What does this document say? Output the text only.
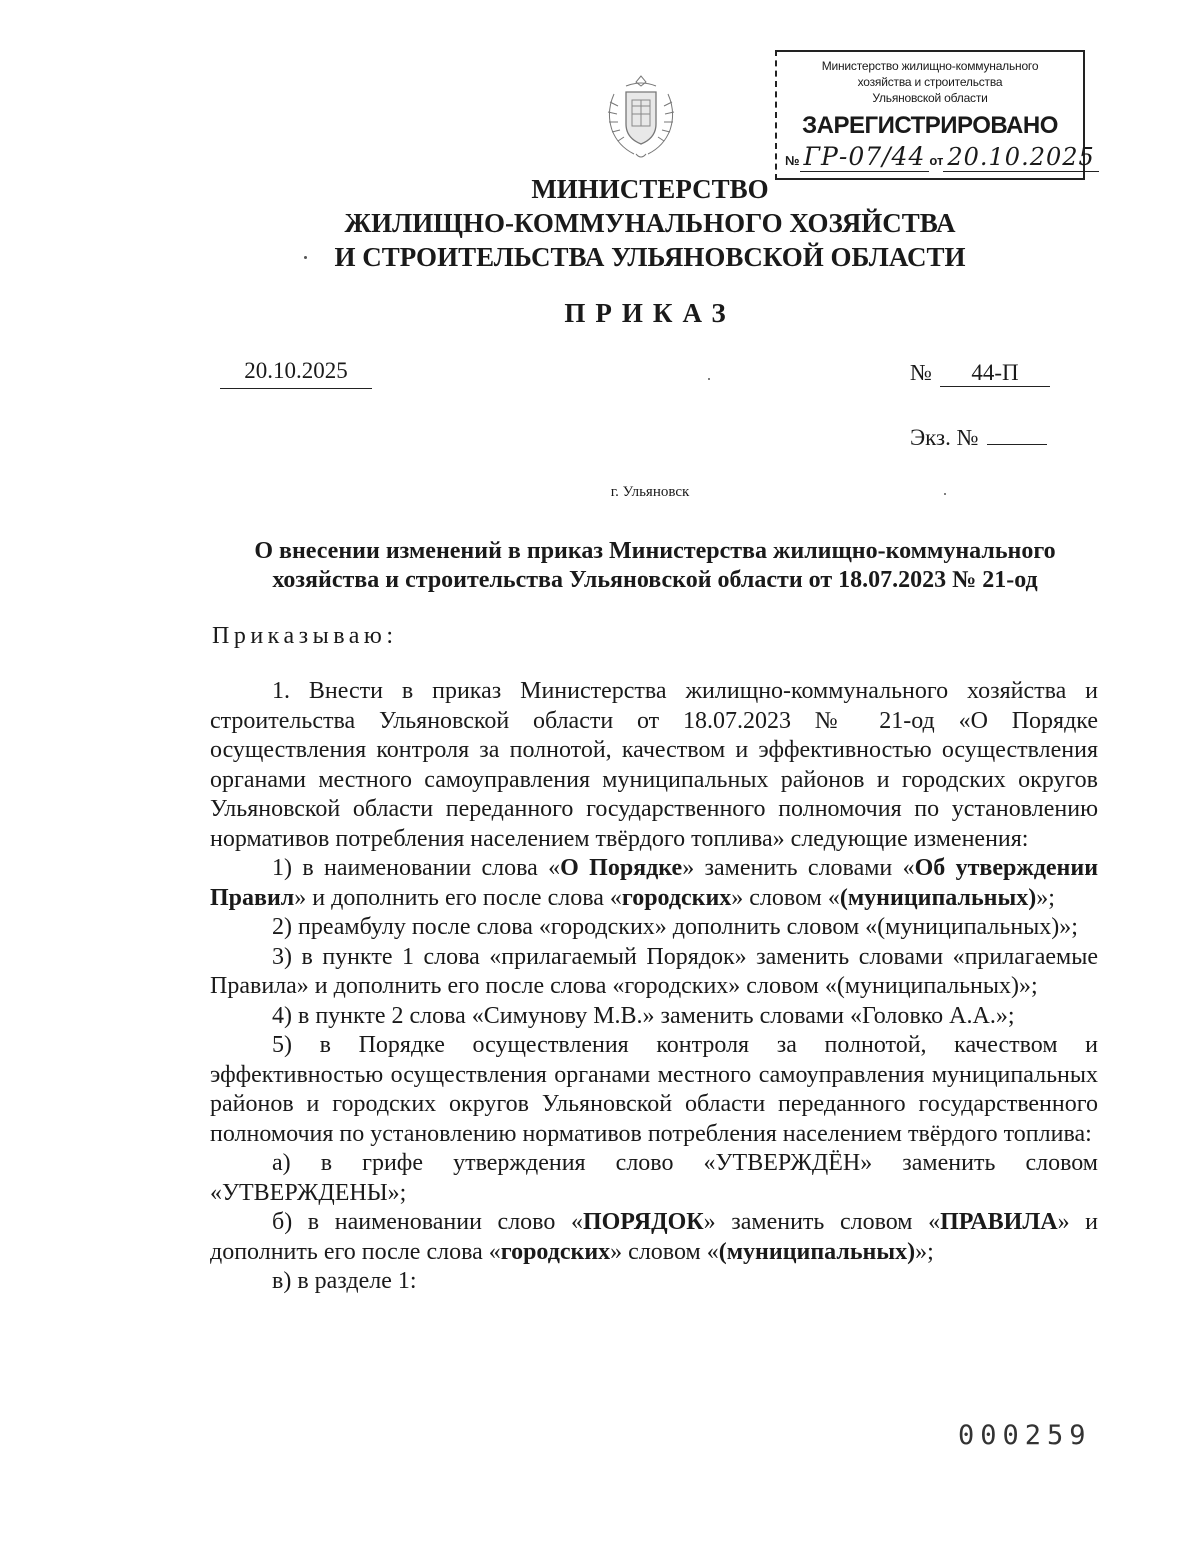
Министерство жилищно-коммунального
хозяйства и строительства
Ульяновской области
ЗАРЕГИСТРИРОВАНО
№ ГР-07/44 от 20.10.2025
МИНИСТЕРСТВО
ЖИЛИЩНО-КОММУНАЛЬНОГО ХОЗЯЙСТВА
И СТРОИТЕЛЬСТВА УЛЬЯНОВСКОЙ ОБЛАСТИ
ПРИКАЗ
20.10.2025	№ 44-П
Экз. №
г. Ульяновск
О внесении изменений в приказ Министерства жилищно-коммунального
хозяйства и строительства Ульяновской области от 18.07.2023 № 21-од
Приказываю:

1. Внести в приказ Министерства жилищно-коммунального хозяйства и строительства Ульяновской области от 18.07.2023 № 21-од «О Порядке осуществления контроля за полнотой, качеством и эффективностью осуществления органами местного самоуправления муниципальных районов и городских округов Ульяновской области переданного государственного полномочия по установлению нормативов потребления населением твёрдого топлива» следующие изменения:

1) в наименовании слова «О Порядке» заменить словами «Об утверждении Правил» и дополнить его после слова «городских» словом «(муниципальных)»;

2) преамбулу после слова «городских» дополнить словом «(муниципальных)»;

3) в пункте 1 слова «прилагаемый Порядок» заменить словами «прилагаемые Правила» и дополнить его после слова «городских» словом «(муниципальных)»;

4) в пункте 2 слова «Симунову М.В.» заменить словами «Головко А.А.»;

5) в Порядке осуществления контроля за полнотой, качеством и эффективностью осуществления органами местного самоуправления муниципальных районов и городских округов Ульяновской области переданного государственного полномочия по установлению нормативов потребления населением твёрдого топлива:

а) в грифе утверждения слово «УТВЕРЖДЁН» заменить словом «УТВЕРЖДЕНЫ»;

б) в наименовании слово «ПОРЯДОК» заменить словом «ПРАВИЛА» и дополнить его после слова «городских» словом «(муниципальных)»;

в) в разделе 1:

000259
